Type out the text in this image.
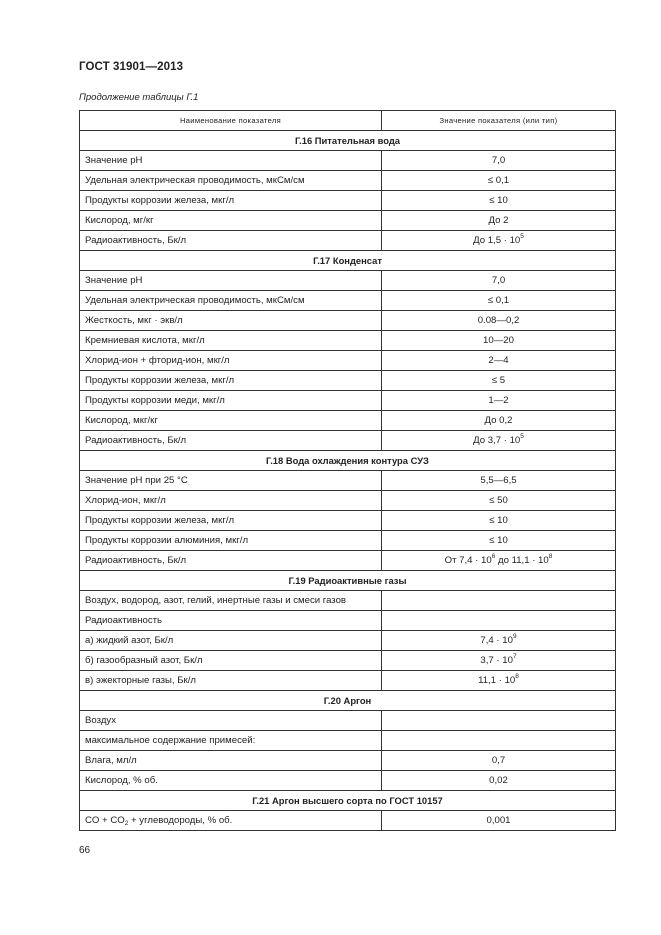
ГОСТ 31901—2013
Продолжение таблицы Г.1
Наименование показателя	Значение показателя (или тип)
Г.16 Питательная вода	
Значение pH	7,0
Удельная электрическая проводимость, мкСм/см	≤ 0,1
Продукты коррозии железа, мкг/л	≤ 10
Кислород, мг/кг	До 2
Радиоактивность, Бк/л	До $1,5 \cdot 10^5$
Г.17 Конденсат	
Значение pH	7,0
Удельная электрическая проводимость, мкСм/см	≤ 0,1
Жесткость, мкг · экв/л	0.08—0,2
Кремниевая кислота, мкг/л	10—20
Хлорид-ион + фторид-ион, мкг/л	2—4
Продукты коррозии железа, мкг/л	≤ 5
Продукты коррозии меди, мкг/л	1—2
Кислород, мкг/кг	До 0,2
Радиоактивность, Бк/л	До $3,7 \cdot 10^5$
Г.18 Вода охлаждения контура СУЗ	
Значение pH при 25 °С	5,5—6,5
Хлорид-ион, мкг/л	≤ 50
Продукты коррозии железа, мкг/л	≤ 10
Продукты коррозии алюминия, мкг/л	≤ 10
Радиоактивность, Бк/л	От $7,4 \cdot 10^6$ до $11,1 \cdot 10^8$
Г.19 Радиоактивные газы	
Воздух, водород, азот, гелий, инертные газы и смеси газов	
Радиоактивность	
а) жидкий азот, Бк/л	$7,4 \cdot 10^9$
б) газообразный азот, Бк/л	$3,7 \cdot 10^7$
в) эжекторные газы, Бк/л	$11,1 \cdot 10^8$
Г.20 Аргон	
Воздух	
максимальное содержание примесей:	
Влага, мл/л	0,7
Кислород, % об.	0,02
Г.21 Аргон высшего сорта по ГОСТ 10157	
CO + $CO_2$ + углеводороды, % об.	0,001
66
